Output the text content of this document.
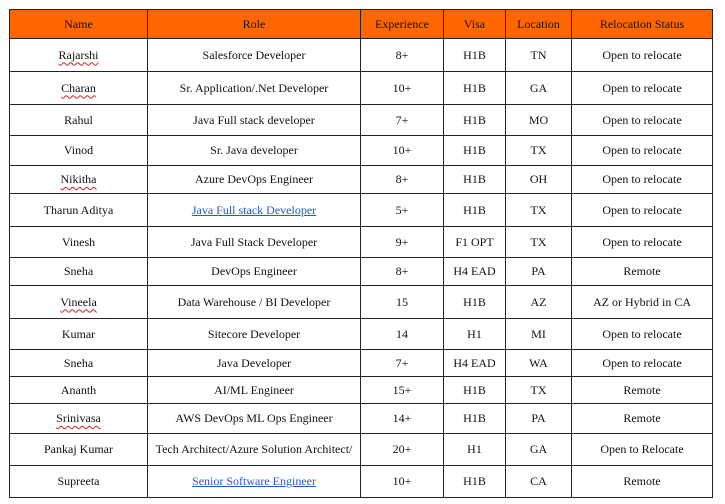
Name	Role	Experience	Visa	Location	Relocation Status
Rajarshi	Salesforce Developer	8+	H1B	TN	Open to relocate
Charan	Sr. Application/.Net Developer	10+	H1B	GA	Open to relocate
Rahul	Java Full stack developer	7+	H1B	MO	Open to relocate
Vinod	Sr. Java developer	10+	H1B	TX	Open to relocate
Nikitha	Azure DevOps Engineer	8+	H1B	OH	Open to relocate
Tharun Aditya	Java Full stack Developer	5+	H1B	TX	Open to relocate
Vinesh	Java Full Stack Developer	9+	F1 OPT	TX	Open to relocate
Sneha	DevOps Engineer	8+	H4 EAD	PA	Remote
Vineela	Data Warehouse / BI Developer	15	H1B	AZ	AZ or Hybrid in CA
Kumar	Sitecore Developer	14	H1	MI	Open to relocate
Sneha	Java Developer	7+	H4 EAD	WA	Open to relocate
Ananth	AI/ML Engineer	15+	H1B	TX	Remote
Srinivasa	AWS DevOps ML Ops Engineer	14+	H1B	PA	Remote
Pankaj Kumar	Tech Architect/Azure Solution Architect/	20+	H1	GA	Open to Relocate
Supreeta	Senior Software Engineer	10+	H1B	CA	Remote
